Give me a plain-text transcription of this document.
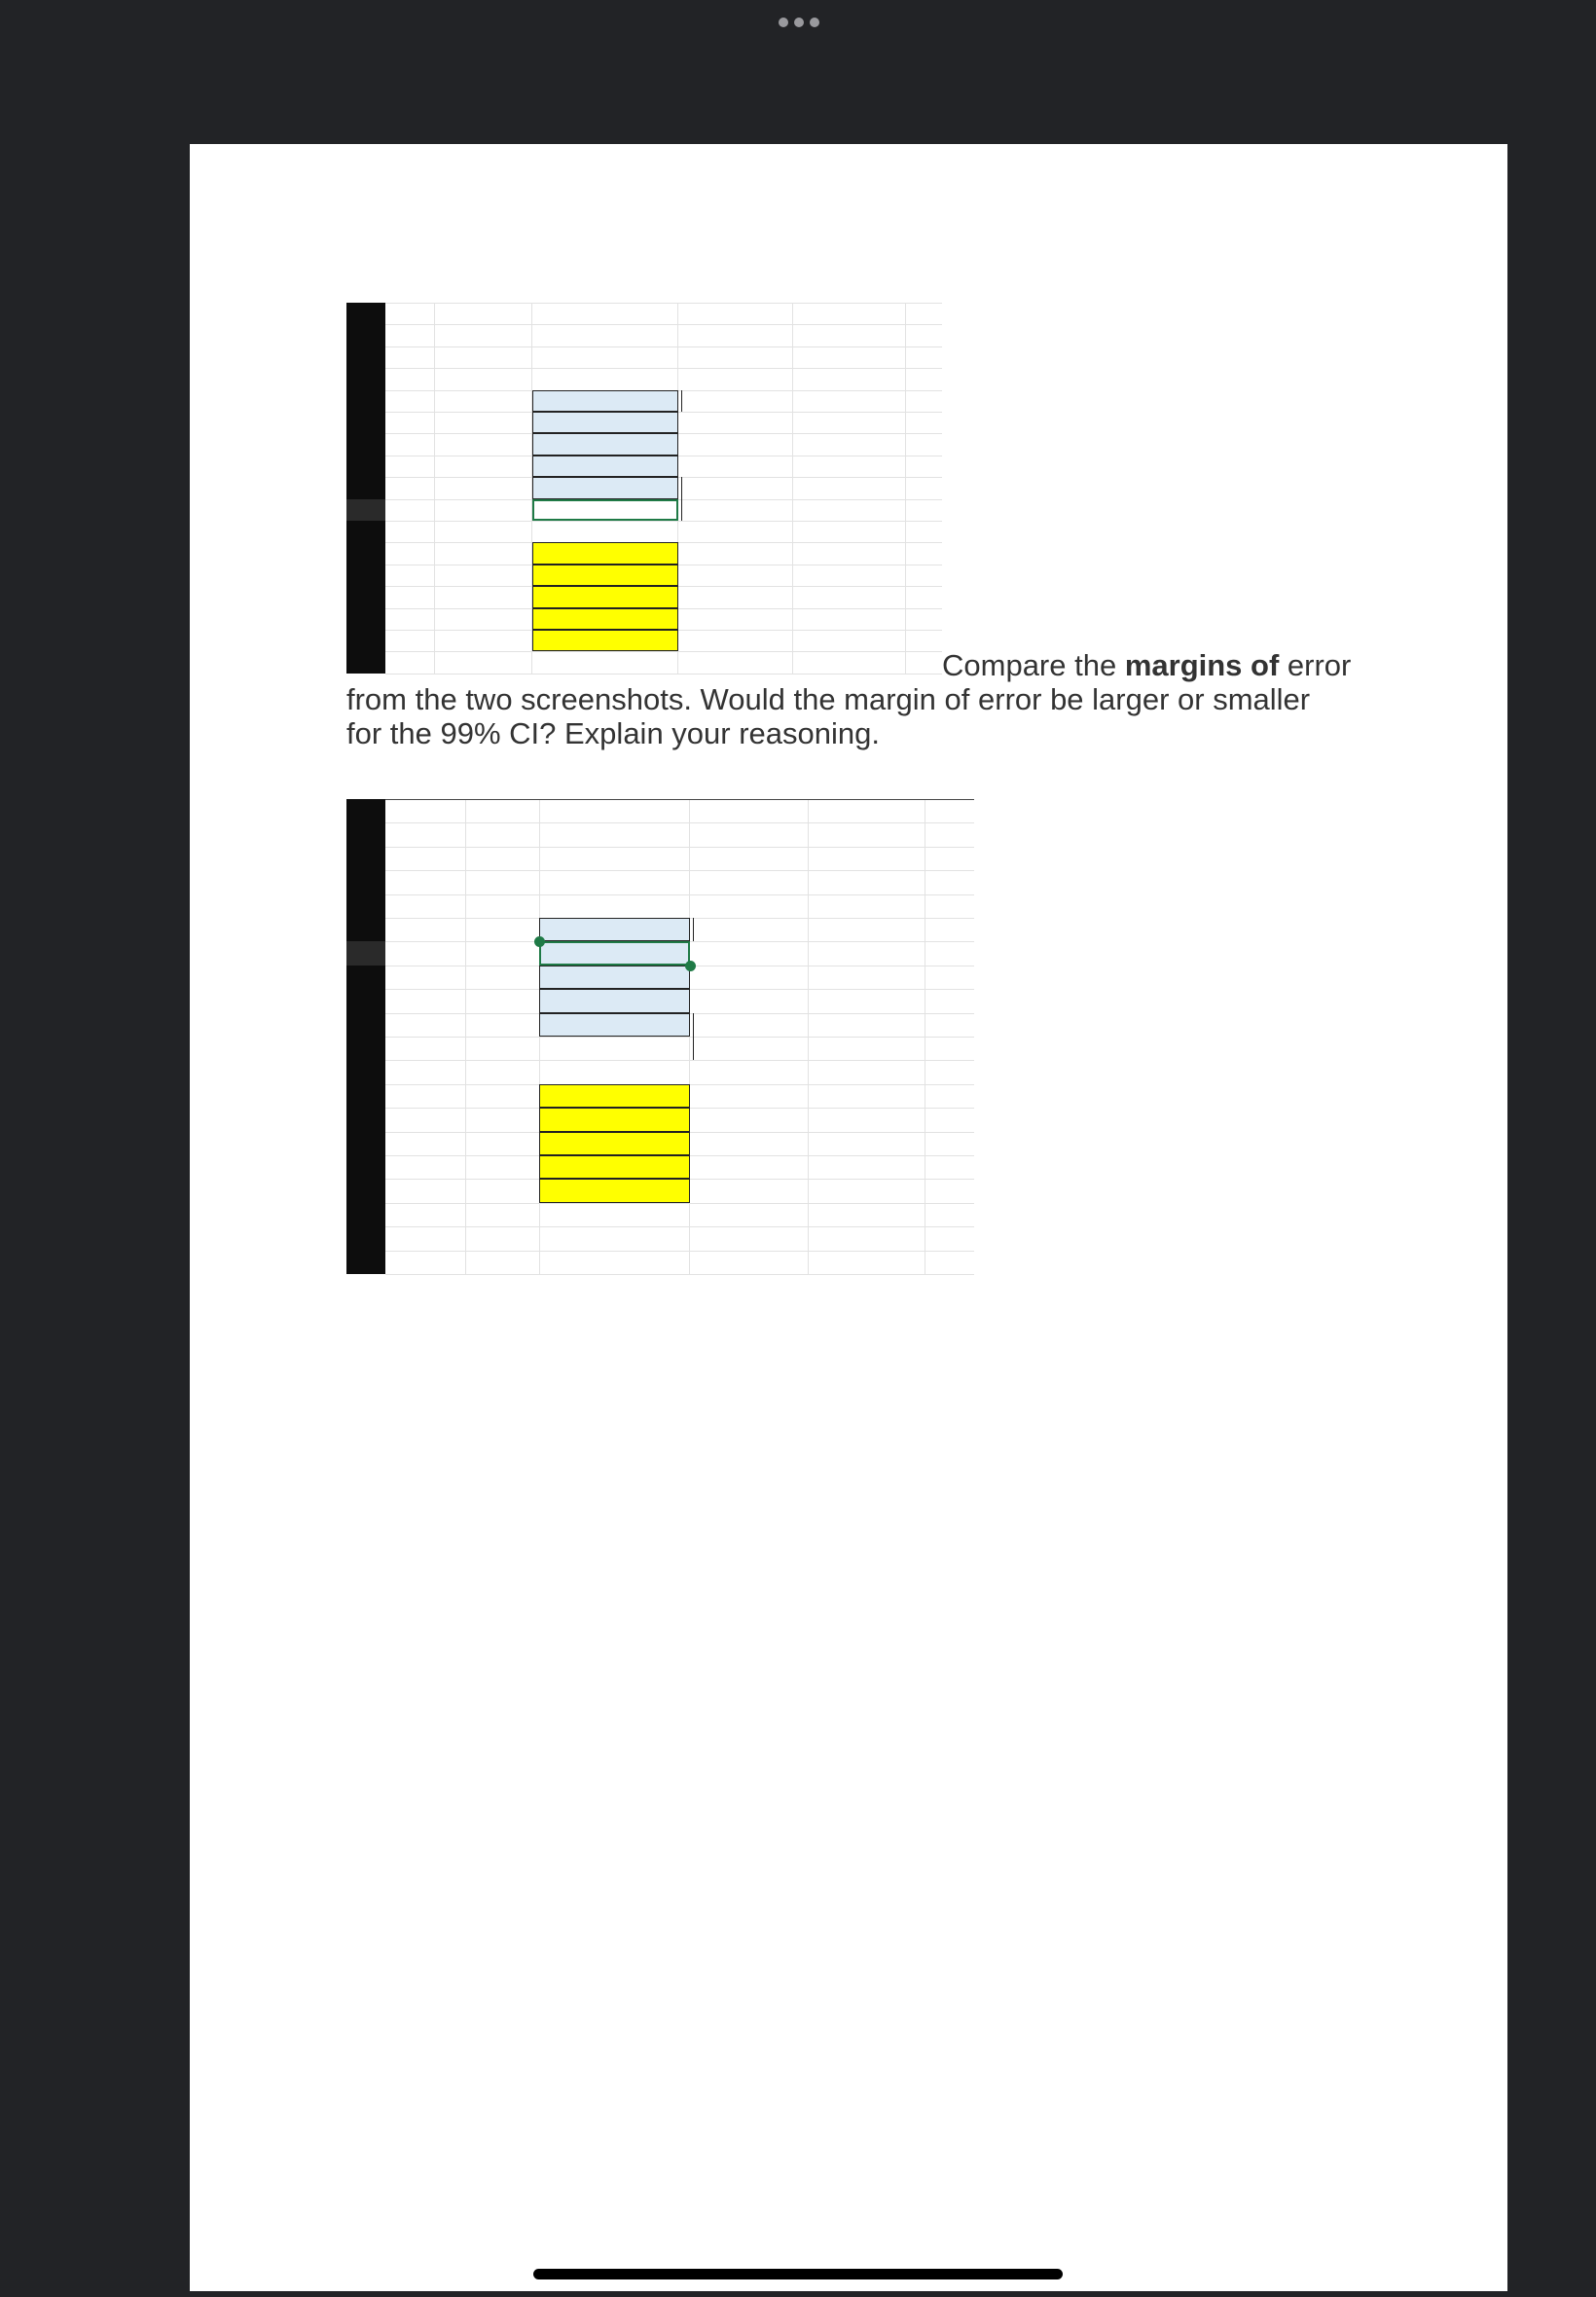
Compare the margins of error
from the two screenshots. Would the margin of error be larger or smaller
for the 99% CI? Explain your reasoning.
